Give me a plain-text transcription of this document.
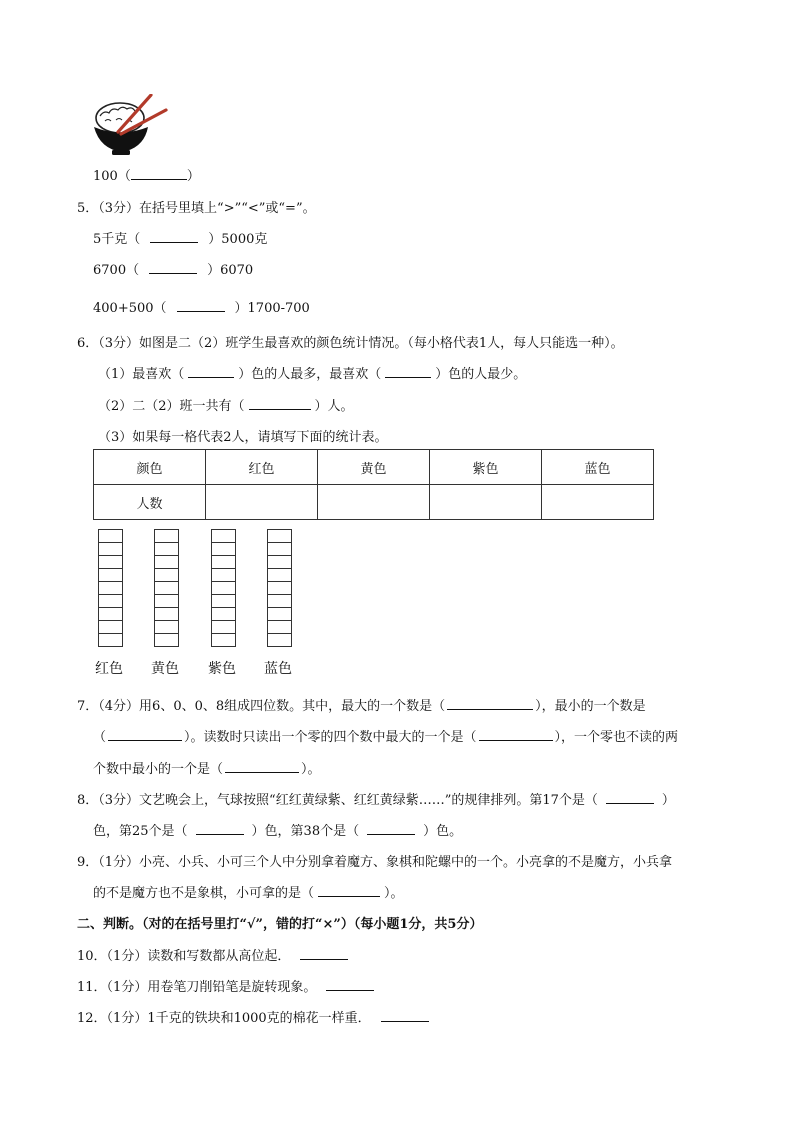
100（	）
5．（3分）在括号里填上“>”“<”或“=”。
5千克（	）5000克
6700（	）6070
400+500（	）1700-700
6．（3分）如图是二（2）班学生最喜欢的颜色统计情况。（每小格代表1人，每人只能选一种）。
（1）最喜欢（	）色的人最多，最喜欢（	）色的人最少。
（2）二（2）班一共有（	）人。
（3）如果每一格代表2人，请填写下面的统计表。
颜色	红色	黄色	紫色	蓝色
人数				
红色 黄色 紫色 蓝色
7．（4分）用6、0、0、8组成四位数。其中，最大的一个数是（	），最小的一个数是
（	）。读数时只读出一个零的四个数中最大的一个是（	），一个零也不读的两
个数中最小的一个是（	）。
8．（3分）文艺晚会上，气球按照“红红黄绿紫、红红黄绿紫……”的规律排列。第17个是（	）
色，第25个是（	）色，第38个是（	）色。
9．（1分）小亮、小兵、小可三个人中分别拿着魔方、象棋和陀螺中的一个。小亮拿的不是魔方，小兵拿
的不是魔方也不是象棋，小可拿的是（	）。
二、判断。（对的在括号里打“√”，错的打“×”）（每小题1分，共5分）
10．（1分）读数和写数都从高位起．
11．（1分）用卷笔刀削铅笔是旋转现象。
12．（1分）1千克的铁块和1000克的棉花一样重．
